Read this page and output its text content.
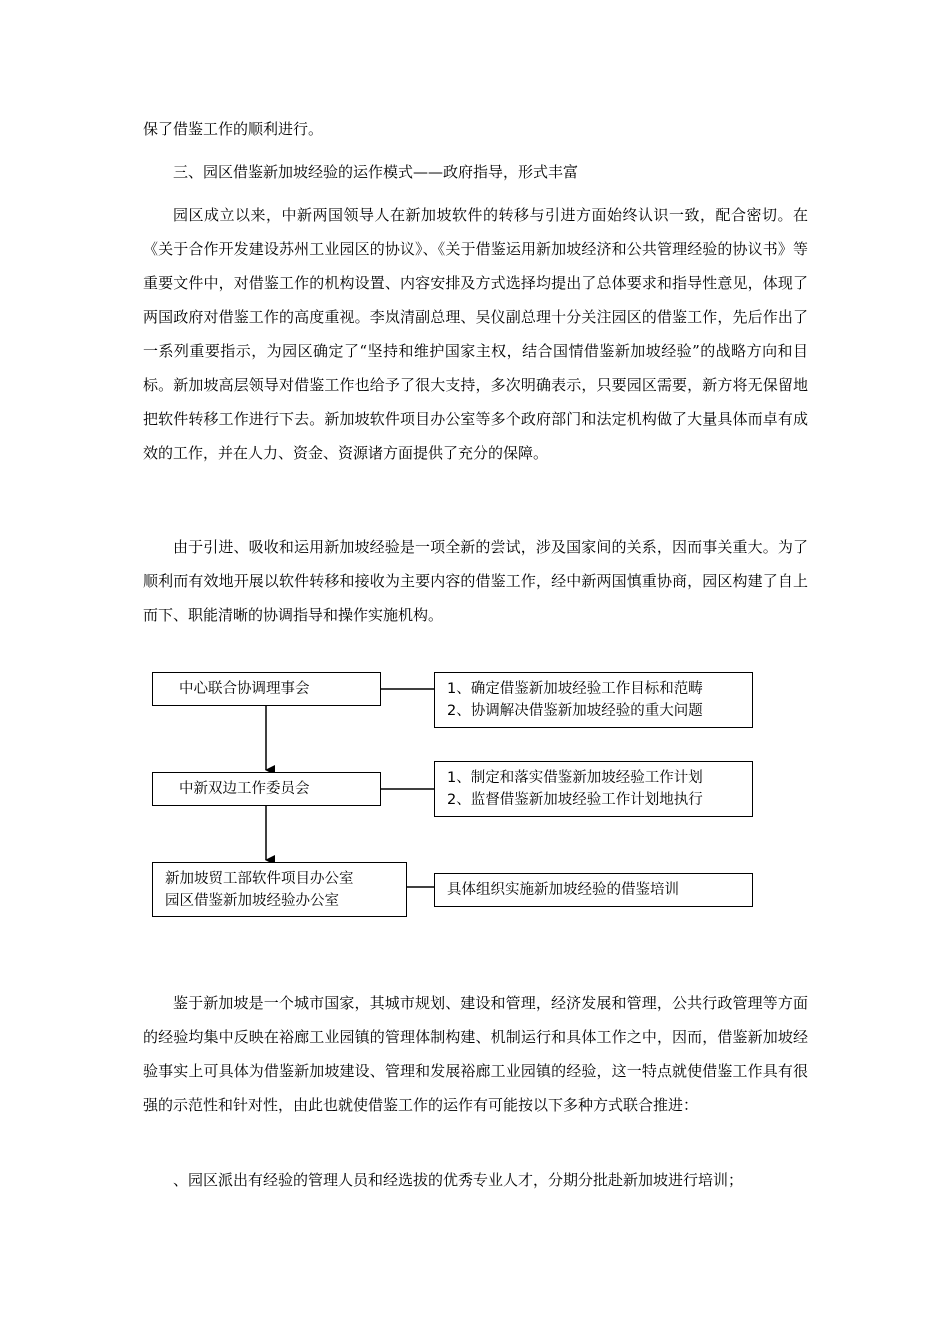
保了借鉴工作的顺利进行。

三、园区借鉴新加坡经验的运作模式——政府指导，形式丰富

园区成立以来，中新两国领导人在新加坡软件的转移与引进方面始终认识一致，配合密切。在《关于合作开发建设苏州工业园区的协议》、《关于借鉴运用新加坡经济和公共管理经验的协议书》等重要文件中，对借鉴工作的机构设置、内容安排及方式选择均提出了总体要求和指导性意见，体现了两国政府对借鉴工作的高度重视。李岚清副总理、吴仪副总理十分关注园区的借鉴工作，先后作出了一系列重要指示，为园区确定了“坚持和维护国家主权，结合国情借鉴新加坡经验”的战略方向和目标。新加坡高层领导对借鉴工作也给予了很大支持，多次明确表示，只要园区需要，新方将无保留地把软件转移工作进行下去。新加坡软件项目办公室等多个政府部门和法定机构做了大量具体而卓有成效的工作，并在人力、资金、资源诸方面提供了充分的保障。

由于引进、吸收和运用新加坡经验是一项全新的尝试，涉及国家间的关系，因而事关重大。为了顺利而有效地开展以软件转移和接收为主要内容的借鉴工作，经中新两国慎重协商，园区构建了自上而下、职能清晰的协调指导和操作实施机构。

中心联合协调理事会	1、确定借鉴新加坡经验工作目标和范畴
2、协调解决借鉴新加坡经验的重大问题
中新双边工作委员会
1、制定和落实借鉴新加坡经验工作计划
2、监督借鉴新加坡经验工作计划地执行
新加坡贸工部软件项目办公室
园区借鉴新加坡经验办公室
具体组织实施新加坡经验的借鉴培训

鉴于新加坡是一个城市国家，其城市规划、建设和管理，经济发展和管理，公共行政管理等方面的经验均集中反映在裕廊工业园镇的管理体制构建、机制运行和具体工作之中，因而，借鉴新加坡经验事实上可具体为借鉴新加坡建设、管理和发展裕廊工业园镇的经验，这一特点就使借鉴工作具有很强的示范性和针对性，由此也就使借鉴工作的运作有可能按以下多种方式联合推进：

、园区派出有经验的管理人员和经选拔的优秀专业人才，分期分批赴新加坡进行培训；
